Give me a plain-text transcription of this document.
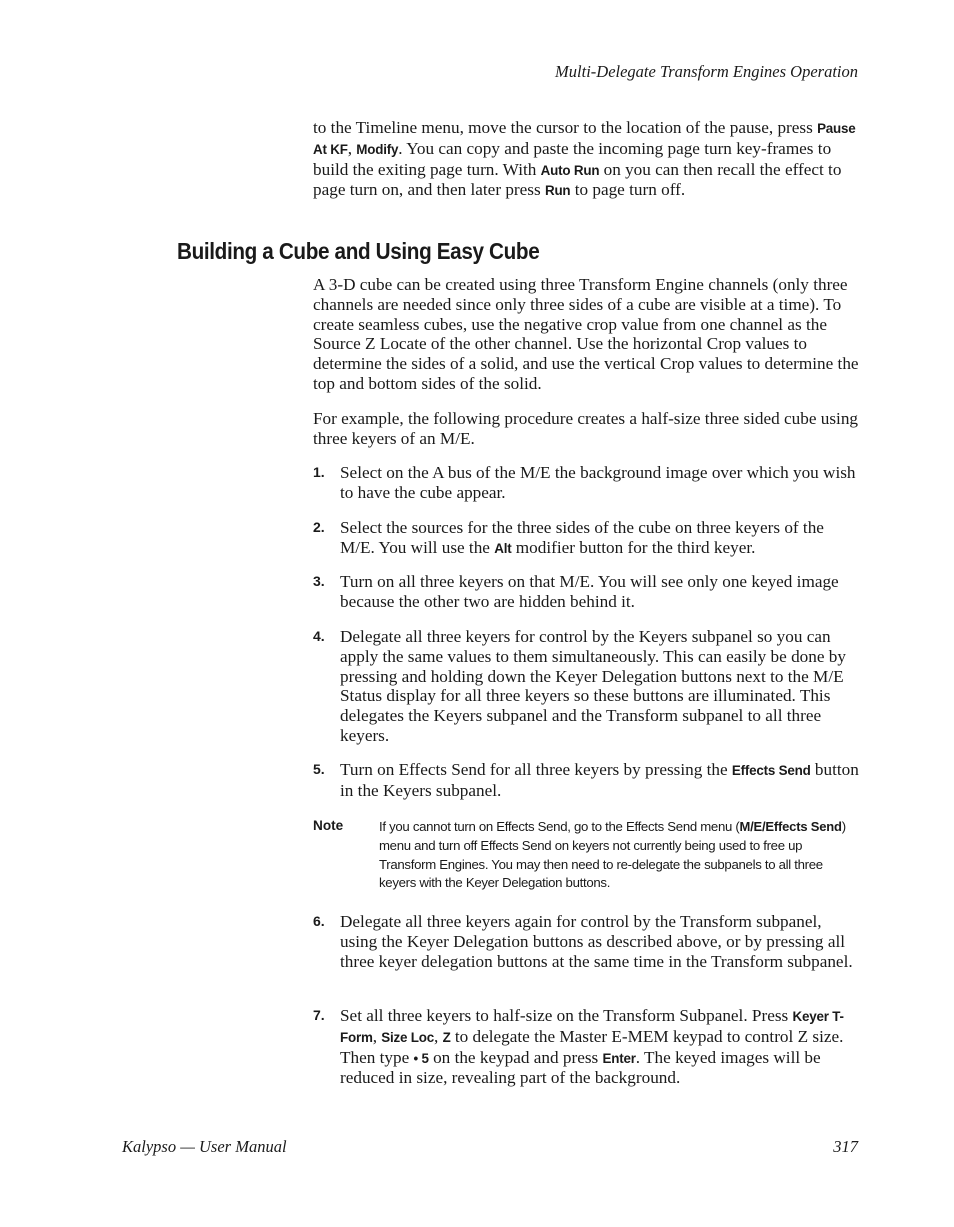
Multi-Delegate Transform Engines Operation

to the Timeline menu, move the cursor to the location of the pause, press Pause At KF, Modify. You can copy and paste the incoming page turn key-frames to build the exiting page turn. With Auto Run on you can then recall the effect to page turn on, and then later press Run to page turn off.

Building a Cube and Using Easy Cube

A 3-D cube can be created using three Transform Engine channels (only three channels are needed since only three sides of a cube are visible at a time). To create seamless cubes, use the negative crop value from one channel as the Source Z Locate of the other channel. Use the horizontal Crop values to determine the sides of a solid, and use the vertical Crop values to determine the top and bottom sides of the solid.

For example, the following procedure creates a half-size three sided cube using three keyers of an M/E.

1. Select on the A bus of the M/E the background image over which you wish to have the cube appear.
2. Select the sources for the three sides of the cube on three keyers of the M/E. You will use the Alt modifier button for the third keyer.
3. Turn on all three keyers on that M/E. You will see only one keyed image because the other two are hidden behind it.
4. Delegate all three keyers for control by the Keyers subpanel so you can apply the same values to them simultaneously. This can easily be done by pressing and holding down the Keyer Delegation buttons next to the M/E Status display for all three keyers so these buttons are illuminated. This delegates the Keyers subpanel and the Transform subpanel to all three keyers.
5. Turn on Effects Send for all three keyers by pressing the Effects Send button in the Keyers subpanel.
6. Delegate all three keyers again for control by the Transform subpanel, using the Keyer Delegation buttons as described above, or by pressing all three keyer delegation buttons at the same time in the Transform subpanel.
7. Set all three keyers to half-size on the Transform Subpanel. Press Keyer T-Form, Size Loc, Z to delegate the Master E-MEM keypad to control Z size. Then type • 5 on the keypad and press Enter. The keyed images will be reduced in size, revealing part of the background.
Note	If you cannot turn on Effects Send, go to the Effects Send menu (M/E/Effects Send) menu and turn off Effects Send on keyers not currently being used to free up Transform Engines. You may then need to re-delegate the subpanels to all three keyers with the Keyer Delegation buttons.
Kalypso — User Manual	317
